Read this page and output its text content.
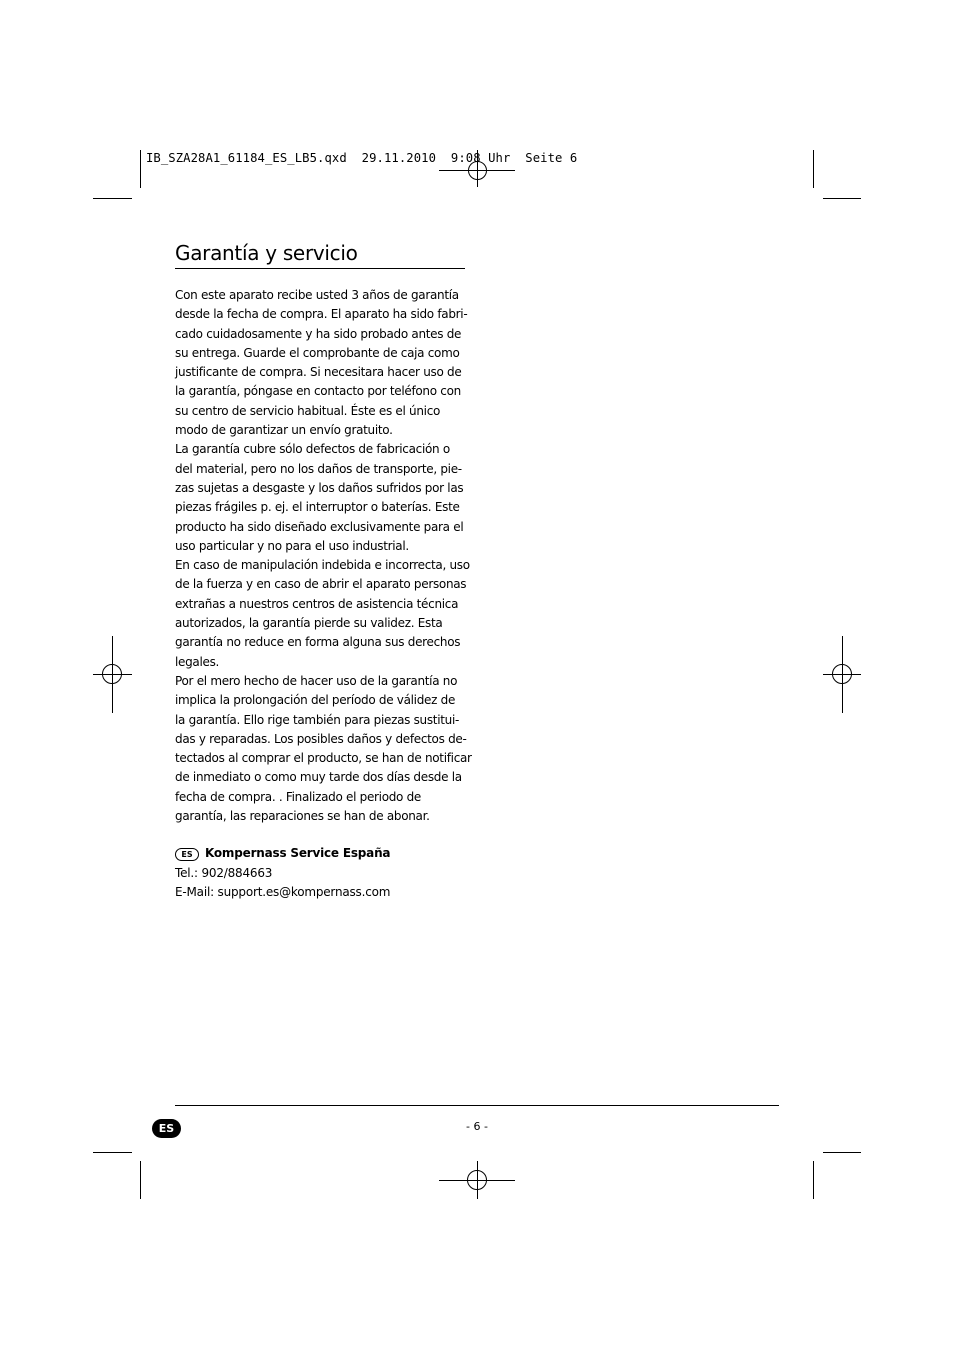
IB_SZA28A1_61184_ES_LB5.qxd  29.11.2010  9:08 Uhr  Seite 6
Garantía y servicio
Con este aparato recibe usted 3 años de garantía
desde la fecha de compra. El aparato ha sido fabri-
cado cuidadosamente y ha sido probado antes de
su entrega. Guarde el comprobante de caja como
justificante de compra. Si necesitara hacer uso de
la garantía, póngase en contacto por teléfono con
su centro de servicio habitual. Éste es el único
modo de garantizar un envío gratuito.
La garantía cubre sólo defectos de fabricación o
del material, pero no los daños de transporte, pie-
zas sujetas a desgaste y los daños sufridos por las
piezas frágiles p. ej. el interruptor o baterías. Este
producto ha sido diseñado exclusivamente para el
uso particular y no para el uso industrial.
En caso de manipulación indebida e incorrecta, uso
de la fuerza y en caso de abrir el aparato personas
extrañas a nuestros centros de asistencia técnica
autorizados, la garantía pierde su validez. Esta
garantía no reduce en forma alguna sus derechos
legales.
Por el mero hecho de hacer uso de la garantía no
implica la prolongación del período de válidez de
la garantía. Ello rige también para piezas sustitui-
das y reparadas. Los posibles daños y defectos de-
tectados al comprar el producto, se han de notificar
de inmediato o como muy tarde dos días desde la
fecha de compra. . Finalizado el periodo de
garantía, las reparaciones se han de abonar.
ES Kompernass Service España
Tel.: 902/884663
E-Mail: support.es@kompernass.com
ES	- 6 -
